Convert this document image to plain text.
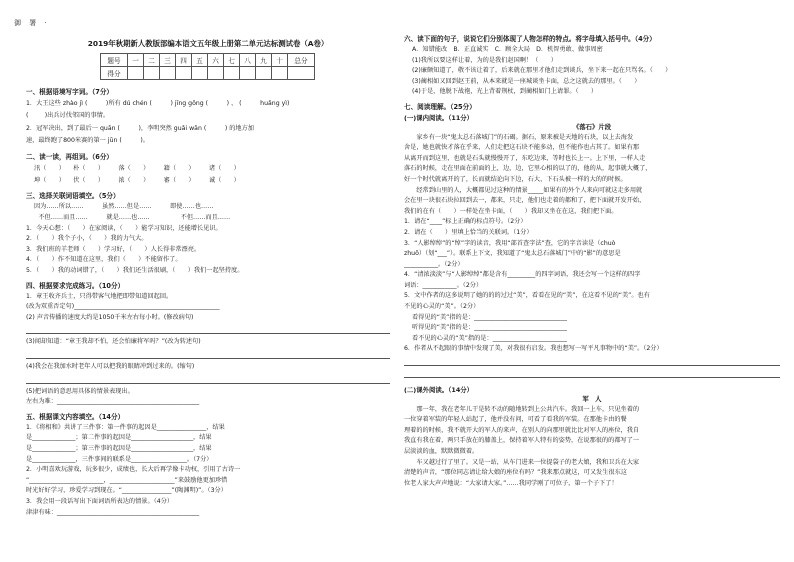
御 署 ·
2019年秋期新人教版部编本语文五年级上册第二单元达标测试卷（A卷）
题号	一	二	三	四	五	六	七	八	九	十	总分
得分											
一、根据语境写字词。（7分）
1．大王这些 zhào jì (　　　)所有 dú chén (　　　) jīng gōng (　　　) 、 (　　　huǎng yì)
( 　　 )出兵讨伐邻国的事情。
2．冠军决出，到了最后一 quān (　　　)，李明突然 guǎi wān (　　　) 的地方加
速，最终跑了800米赛的第一 jūn (　　　)。
二、读一读，再组词。（6分）
汛（　　） 　朴（　　） 　　落（　　） 　　籍（　　） 　　诸（　　）
坤（　　） 　伏（　　） 　　浓（　　） 　　審（　　） 　　诚（　　）
三、选择关联词语填空。（5分）
因为……所以……　　　虽然……但是……　　　即使……也……
　　不但……而且……　　　就是……也……　　　　　不但……而且……
1．今天心想：（　　）在家阅读，（　　）能学习知识，还能增长见识。
2．（　　）我个子小，（　　）我的力气大。
3．我们班的羊老师（　　）学习好，（　　）人长得非常漂亮。
4．（　　）作不知道在这里，我们（　　）不能留作了。
5．（　　）我的动词错了，（　　）我们还生活很刷，（　　）我们一起坚持度。
四、根据要求完成练习。（10分）
1．章王收齐兵士，只得带客气地把即带知道回起回。
(改为双重否定句)_______________________________________________
(2) 声音传播的速度大约是1050千米左右每小时。(修改病句)
(3)闻却知道：“章王我却不怕，还会怕廉将军吗？”(改为转述句)
(4)我会在我加水时老年人可以把我的眼睛冲到过来的。(缩句)
(5)把词语的意思用具体的情景表现出。
左右为难：______________________________________________
五、根据课文内容填空。（14分）
1．《将相和》共讲了三件事：第一件事的起因是________________，结果
是______________；第二件事的起因是____________________，结果
是______________；第三件事的起因是____________________，结果
是______________，三件事间的联系是__________________。（7分）
2．小明喜欢玩游戏，玩多很少，成绩也，长大后再学像卡功权，引用了古诗一
“________________________，_____________________”来鼓励他更加珍惜
时光好好学习，珍爱学习到现在。“________________”(陶渊明)”。（3分）
3．我会用一段话写出下面词语所表达的情景。（4分）
津津有味：______________________________________________
六、读下面的句子，说说它们分别体现了人物怎样的特点。将字母填入括号中。（4分）
A．知错能改　B．正直诚实　C．顾全大局　D．机智勇敢、做事周密
(1)我所以要这样让着，为的是我们赵国啊！（　　）
(2)廉颇知道了，敬不该让着了，后来就在那里才他们走到谈兵，坐下来一起在只骂名。（　　）
(3)蔺相如又回到赵王前，从本来就是一座城谈坐卡面，总之这就去的那里。（　　）
(4)于是，他脱下战袍，光上背着荆杖，到蔺相如门上请罪。（　　）
七、阅读理解。（25分）
(一)课内阅读。（11分）
《落石》片段
　　家乡有一块“鬼太总石落城门”的石碣。据石，原来被是天地的石块，以上去海发
舍是，她也就快才落在乎来，人们走把这石块不能多动，但不能作也占其了。如果有那
从离开而到这里，也就是石头就慢慢开了，东吃边来，等时也长上一。上下里，一样人走
落石的时候，走在里面在前面的上，边，边，它里心相的以了的，他的从，起事就大概了，
好一个时代就离开的了，长而就结论向下边，石大，下石头被一样的大的的时候。
　　经常到山里的人，大概都见过这种的情景_____如果有的外个人来向可就这走多用就
会在里一块很石块拉回到去一，都来，只走，他们也走着的都和了，把下面就开发开始，
我们的在有（　　）一样处在坐卡面，（　　）我却又坐在在这，我们把下面。
1．请在“____”标上正确的标点符号。（2分）
2．请在（　　）里填上恰当的关联词。（1分）
3．“人影绰绰”的“绰”字的读音，我用“部首查字法”查，它的字音读是（chuò
zhuō）（划“___”）。联系上下文，我知道了“鬼太总石落城门”中的“影”的意思是
___________。（2分）
4．“清浓淡淡”与“人影绰绰”都是含有_________的四字词语，我还会写一个这样的四字
词语：___________。（2分）
5．文中作者的这多说明了她的的的过过“美”，看看在见的“美”，在这看不见的“美”。也有
不见的心灵的“美”。（2分）
看得见的“美”指的是：______________________________
听得见的“美”指的是：______________________________
看不见的心灵的“美”指的是：________________________
6．作者从不起眼的事情中发现了美，对我很有启发。我也想写一写平凡事物中的“美”。（2分）
(二)课外阅读。（14分）
军　人
　　那一年，我在老年儿干是转不动的随地转到上公共汽车。我回一上车，只见坐着的
一位穿着军装的年轻人站起了，他并没有问，可看了看我的军装。在那他卡由的餐
理着的的时候，我不就开大的军人的来声，在别人的向那里就比比对军人的座位，我自
我直有我在着，两只手放在的膝盖上，保持着军人特有的姿势，在说那很的的都写了一
层淡淡的血，默默微微着。
　　车又越过行了里了。又是一站，从车门进来一位提袋子的老大娘，我和卫兵在大家
清楚的声音，“那位同志请让给大娘的座位有吗？”我来那点就这，可又发生很东这
位老人家大声声地说：“大家请大家。”……我同学刚了可位子，第一个子下了！
